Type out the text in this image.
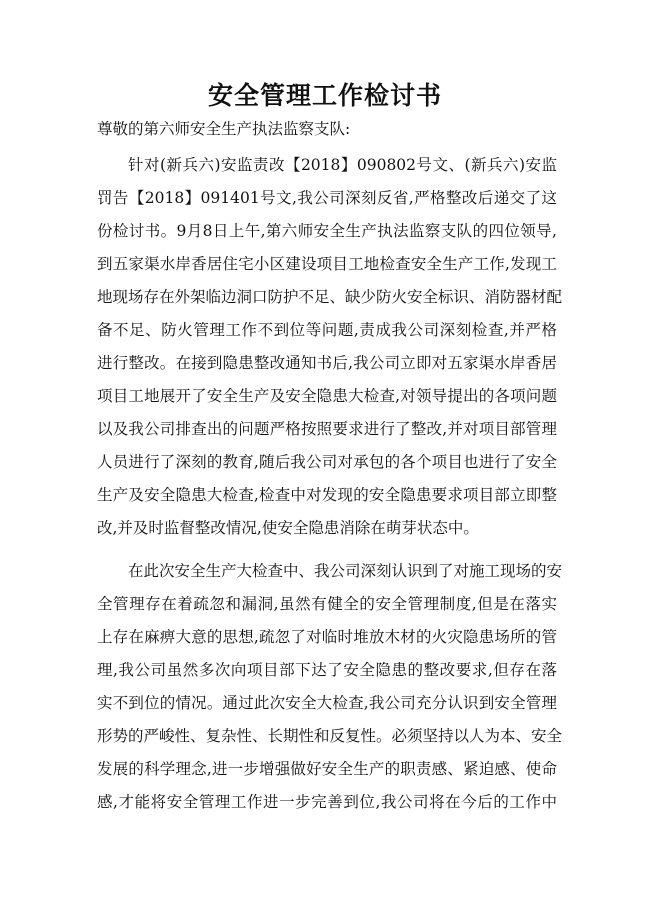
安全管理工作检讨书

尊敬的第六师安全生产执法监察支队:

针对(新兵六)安监责改【2018】090802号文、(新兵六)安监

罚告【2018】091401号文,我公司深刻反省,严格整改后递交了这

份检讨书。9月8日上午,第六师安全生产执法监察支队的四位领导,

到五家渠水岸香居住宅小区建设项目工地检查安全生产工作,发现工

地现场存在外架临边洞口防护不足、缺少防火安全标识、消防器材配

备不足、防火管理工作不到位等问题,责成我公司深刻检查,并严格

进行整改。在接到隐患整改通知书后,我公司立即对五家渠水岸香居

项目工地展开了安全生产及安全隐患大检查,对领导提出的各项问题

以及我公司排查出的问题严格按照要求进行了整改,并对项目部管理

人员进行了深刻的教育,随后我公司对承包的各个项目也进行了安全

生产及安全隐患大检查,检查中对发现的安全隐患要求项目部立即整

改,并及时监督整改情况,使安全隐患消除在萌芽状态中。

在此次安全生产大检查中、我公司深刻认识到了对施工现场的安

全管理存在着疏忽和漏洞,虽然有健全的安全管理制度,但是在落实

上存在麻痹大意的思想,疏忽了对临时堆放木材的火灾隐患场所的管

理,我公司虽然多次向项目部下达了安全隐患的整改要求,但存在落

实不到位的情况。通过此次安全大检查,我公司充分认识到安全管理

形势的严峻性、复杂性、长期性和反复性。必须坚持以人为本、安全

发展的科学理念,进一步增强做好安全生产的职责感、紧迫感、使命

感,才能将安全管理工作进一步完善到位,我公司将在今后的工作中
